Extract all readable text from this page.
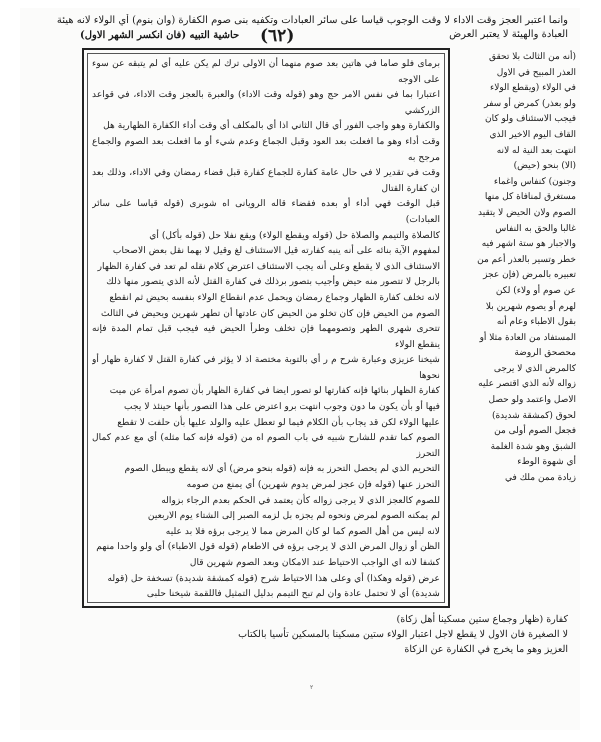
وانما اعتبر العجز وقت الاداء لا وقت الوجوب قياسا على سائر العبادات وتكفيه بنى صوم الكفارة (وان بنوم) أي الولاء لانه هيئة
العبادة والهيئة لا يعتبر العرض
(٦٢)
حاشية التبيه (فان انكسر الشهر الاول)

برماى فلو صاما في هاتين بعد صوم منهما أن الاولى ترك لم يكن عليه أي لم يتبقه عن سوء على الاوجه

اعتبارا بما في نفس الامر حج وهو (قوله وقت الاداء) والعبرة بالعجز وقت الاداء، في قواعد الزركشي

والكفارة وهو واجب الفور أي قال الثاني اذا أي بالمكلف أي وقت أداء الكفارة الظهارية هل

وقت أداء وهو ما افعلت بعد العود وقبل الجماع وعدم شيء أو ما افعلت بعد الصوم والجماع مرجح به

وقت في تقدير لا في حال عامة كفارة للجماع كفارة قبل قضاء رمضان وفي الاداء، وذلك بعد ان كفارة القتال

قبل الوقت فهي أداء أو بعده فقضاء قاله الرويانى اه شوبرى (قوله قياسا على سائر العبادات)

كالصلاة والتيمم والصلاة حل (قوله ويقطع الولاء) ويقع نفلا حل (قوله بأكل) أي

لمفهوم الآية بنائه على أنه ينبه كفارته قيل الاستئناف لغ وقيل لا بهما نقل بعض الاصحاب

الاستئناف الذي لا يقطع وعلى أنه يجب الاستئناف اعترض كلام نقله لم تعد في كفارة الظهار

بالرجل لا تتصور منه حيض وأجيب بتصور برذلك في كفارة القتل لأنه الذي يتصور منها ذلك

لانه تخلف كفارة الظهار وجماع رمضان ويحمل عدم انقطاع الولاء بنفسه بحيض ثم انقطع

الصوم من الحيض فإن كان تخلو من الحيض كان عادتها أن تطهر شهرين ويحيض في الثالث

تتحرى شهري الطهر وتصومهما فإن تخلف وطرأ الحيض فيه فيجب قبل تمام المدة فإنه ينقطع الولاء

شيخنا عزيزي وعبارة شرح م ر أي بالتوبة مختصة اذ لا يؤثر في كفارة القتل لا كفارة ظهار أو نحوها

كفارة الظهار بنائها فإنه كفارتها لو تصور ايضا في كفارة الظهار بأن تصوم امرأة عن ميت

فيها أو بأن يكون ما دون وجوب انتهت برو اعترض على هذا التصور بأنها حينئذ لا يجب

عليها الولاء لكن قد يجاب بأن الكلام فيما لو تعطل عليه والولد عليها بأن حلفت لا تقطع

الصوم كما تقدم للشارح شبيه في باب الصوم اه من (قوله فإنه كما مثله) أي مع عدم كمال التحرز

التحريم الذي لم يحصل التحرز به فإنه (قوله بنحو مرض) أي لانه يقطع ويبطل الصوم

التحرز عنها (قوله فإن عجز لمرض يدوم شهرين) أي يمنع من صومه

للصوم كالعجز الذي لا يرجى زواله كأن يعتمد في الحكم بعدم الرجاء بزواله

لم يمكنه الصوم لمرض ونحوه لم يجزه بل لزمه الصبر إلى الشتاء يوم الاربعين

لانه ليس من أهل الصوم كما لو كان المرض مما لا يرجى برؤه فلا بد عليه

الظن أو زوال المرض الذي لا يرجى برؤه في الاطعام (قوله قول الاطباء) أي ولو واحدا منهم

كشفا لانه اي الواجب الاحتياط عند الامكان وبعد الصوم شهرين قال

عرض (قوله وهكذا) أي وعلى هذا الاحتياط شرح (قوله كمشقة شديدة) تسخفة حل (قوله

شديدة) أي لا تحتمل عادة وان لم تبح التيمم بدليل التمثيل فاللقمة شيخنا حلبى

(أنه من الثالث بلا تحقق

العذر المبيح في الاول

في الولاء (ويقطع الولاء

ولو بعذر) كمرض أو سفر

فيجب الاستئناف ولو كان

القاف اليوم الاخير الذي

انتهت بعد النية له لانه

(الا) بنحو (حيض)

وجنون) كنفاس واغماء

مستغرق لمنافاة كل منها

الصوم ولان الحيض لا يتقيد

غالبا والحق به النفاس

والاجبار هو ستة اشهر فيه

خطر وتسير بالعذر أعم من

تعبيره بالمرض (فإن عجز

عن صوم أو ولاء) لكن

لهرم أو يصوم شهرين بلا

بقول الاطباء وعام أنه

المستفاد من العادة مثلا أو

محصحق الروضة

كالمرض الذي لا يرجى

زواله لأنه الذي اقتصر عليه

الاصل واعتمد ولو حصل

لحوق (كمشقة شديدة)

فجعل الصوم أولى من

الشبق وهو شدة الغلمة

أي شهوة الوطء

زيادة ممن ملك في

كفارة (ظهار وجماع ستين مسكينا أهل زكاة)

لا الصغيرة فان الاول لا يقطع لاجل اعتبار الولاء ستين مسكينا بالمسكين تأسيا بالكتاب

العزيز وهو ما يخرج في الكفارة عن الزكاة

٢
